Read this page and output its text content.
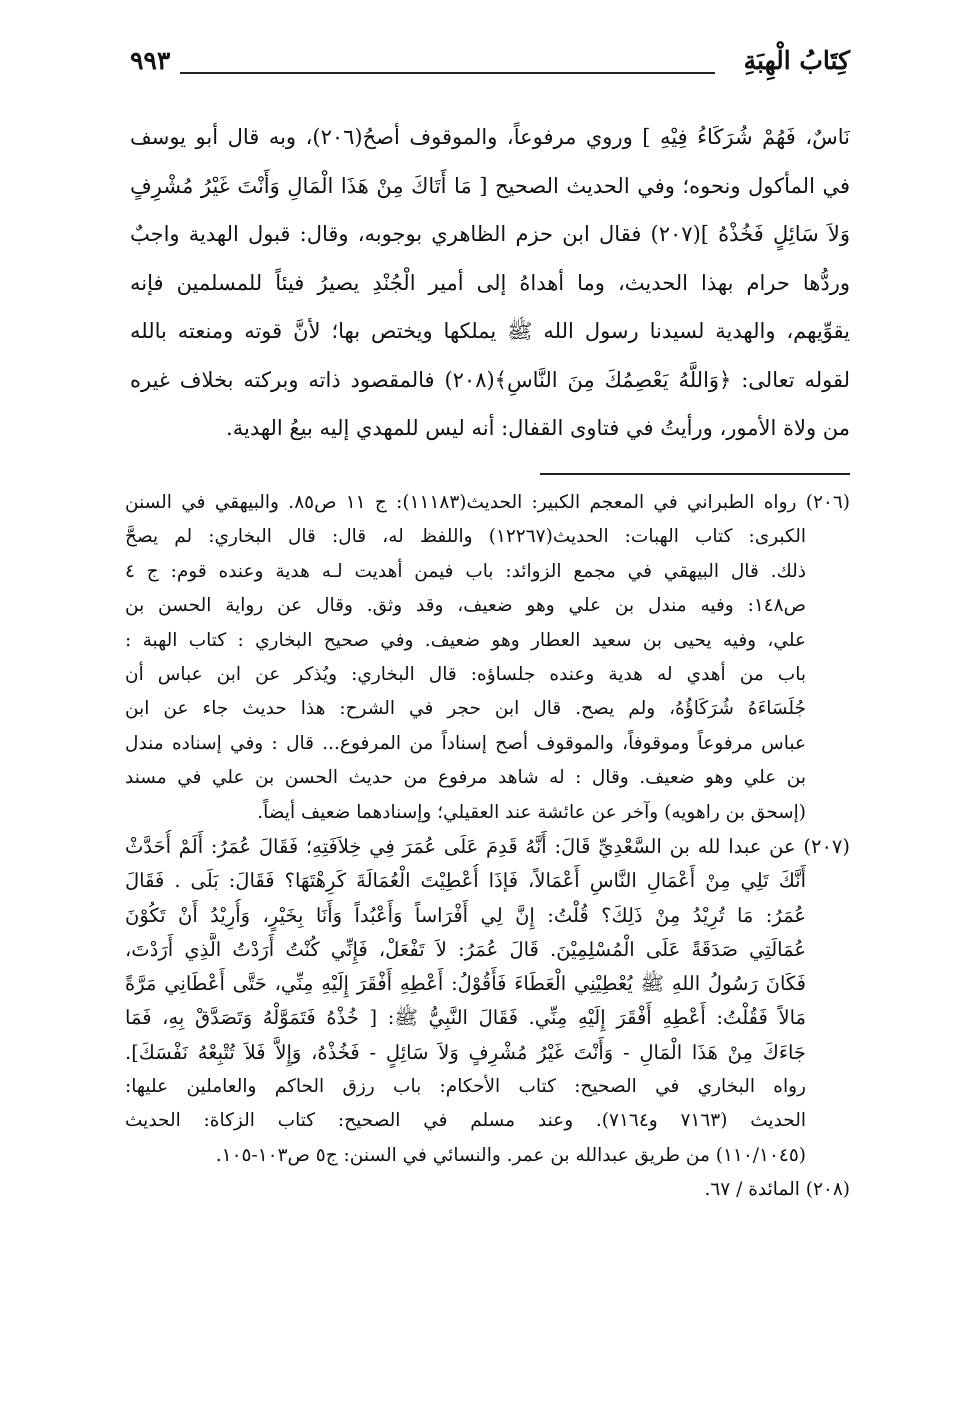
كِتَابُ الْهِبَةِ
٩٩٣
نَاسٌ، فَهُمْ شُرَكَاءُ فِيْهِ ] وروي مرفوعاً، والموقوف أصحُ(٢٠٦)، وبه قال أبو يوسف
في المأكول ونحوه؛ وفي الحديث الصحيح [ مَا أَتَاكَ مِنْ هَذَا الْمَالِ وَأَنْتَ غَيْرُ مُشْرِفٍ
وَلاَ سَائِلٍ فَخُذْهُ ](٢٠٧) فقال ابن حزم الظاهري بوجوبه، وقال: قبول الهدية واجبٌ
وردُّها حرام بهذا الحديث، وما أهداهُ إلى أمير الْجُنْدِ يصيرُ فيئاً للمسلمين فإنه
يقوِّيهم، والهدية لسيدنا رسول الله ﷺ يملكها ويختص بها؛ لأنَّ قوته ومنعته بالله
لقوله تعالى: ﴿وَاللَّهُ يَعْصِمُكَ مِنَ النَّاسِ﴾(٢٠٨) فالمقصود ذاته وبركته بخلاف غيره
من ولاة الأمور، ورأيتُ في فتاوى القفال: أنه ليس للمهدي إليه بيعُ الهدية.
(٢٠٦) رواه الطبراني في المعجم الكبير: الحديث(١١١٨٣): ج ١١ ص٨٥. والبيهقي في السنن
الكبرى: كتاب الهبات: الحديث(١٢٢٦٧) واللفظ له، قال: قال البخاري: لم يصحَّ
ذلك. قال البيهقي في مجمع الزوائد: باب فيمن أهديت لـه هدية وعنده قوم: ج ٤
ص١٤٨: وفيه مندل بن علي وهو ضعيف، وقد وثق. وقال عن رواية الحسن بن
علي، وفيه يحيى بن سعيد العطار وهو ضعيف. وفي صحيح البخاري : كتاب الهبة :
باب من أهدي له هدية وعنده جلساؤه: قال البخاري: ويُذكر عن ابن عباس أن
جُلَسَاءَهُ شُرَكَاؤُهُ، ولم يصح. قال ابن حجر في الشرح: هذا حديث جاء عن ابن
عباس مرفوعاً وموقوفاً، والموقوف أصح إسناداً من المرفوع... قال : وفي إسناده مندل
بن علي وهو ضعيف. وقال : له شاهد مرفوع من حديث الحسن بن علي في مسند
(إسحق بن راهويه) وآخر عن عائشة عند العقيلي؛ وإسنادهما ضعيف أيضاً.
(٢٠٧) عن عبدا لله بن السَّعْدِيِّ قَالَ: أَنَّهُ قَدِمَ عَلَى عُمَرَ فِي خِلاَفَتِهِ؛ فَقَالَ عُمَرُ: أَلَمْ أُحَدَّثْ
أَنَّكَ تَلِي مِنْ أَعْمَالِ النَّاسِ أَعْمَالاً، فَإذَا أُعْطِيْتَ الْعُمَالَةَ كَرِهْتَهَا؟ فَقَالَ: بَلَى . فَقَالَ
عُمَرُ: مَا تُرِيْدُ مِنْ ذَلِكَ؟ قُلْتُ: إِنَّ لِي أَفْرَاساً وَأَعْبُداً وَأَنَا بِخَيْرٍ، وَأُرِيْدُ أَنْ تَكُوْنَ
عُمَالَتِي صَدَقَةً عَلَى الْمُسْلِمِيْنَ. قَالَ عُمَرُ: لاَ تَفْعَلْ، فَإِنِّي كُنْتُ أَرَدْتُ الَّذِي أَرَدْتَ،
فَكَانَ رَسُولُ اللهِ ﷺ يُعْطِيْنِي الْعَطَاءَ فَأَقُوْلُ: أَعْطِهِ أَفْقَرَ إِلَيْهِ مِنِّي، حَتَّى أَعْطَانِي مَرَّةً
مَالاً فَقُلْتُ: أَعْطِهِ أَفْقَرَ إِلَيْهِ مِنِّي. فَقَالَ النَّبِيُّ ﷺ: [ خُذْهُ فَتَمَوَّلْهُ وَتَصَدَّقْ بِهِ، فَمَا
جَاءَكَ مِنْ هَذَا الْمَالِ - وَأَنْتَ غَيْرُ مُشْرِفٍ وَلاَ سَائِلٍ - فَخُذْهُ، وَإِلاَّ فَلاَ تُتْبِعْهُ نَفْسَكَ].
رواه البخاري في الصحيح: كتاب الأحكام: باب رزق الحاكم والعاملين عليها:
الحديث (٧١٦٣ و٧١٦٤). وعند مسلم في الصحيح: كتاب الزكاة: الحديث
(١١٠/١٠٤٥) من طريق عبدالله بن عمر. والنسائي في السنن: ج٥ ص١٠٣-١٠٥.
(٢٠٨) المائدة / ٦٧.
